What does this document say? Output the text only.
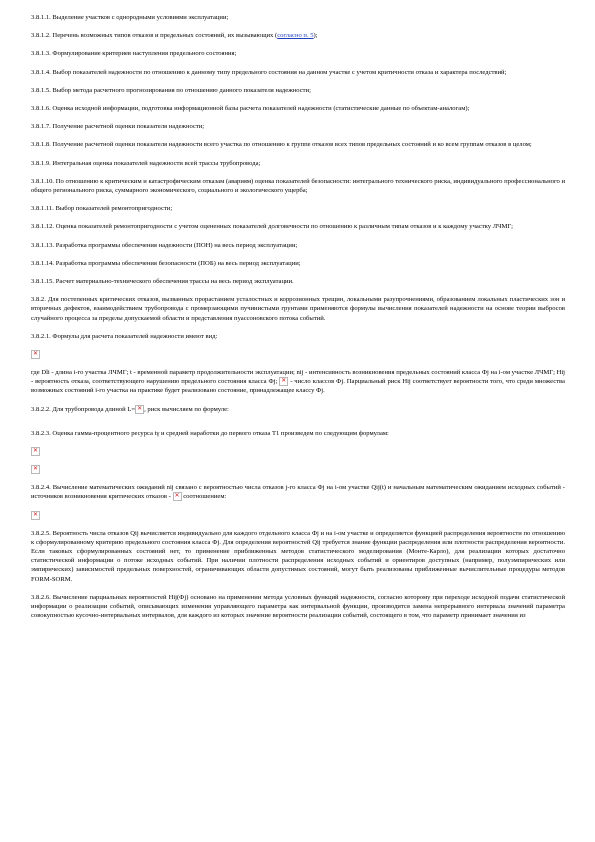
3.8.1.1. Выделение участков с однородными условиями эксплуатации;

3.8.1.2. Перечень возможных типов отказов и предельных состояний, их вызывающих (согласно п. 5);

3.8.1.3. Формулирование критериев наступления предельного состояния;

3.8.1.4. Выбор показателей надежности по отношению к данному типу предельного состояния на данном участке с учетом критичности отказа и характера последствий;

3.8.1.5. Выбор метода расчетного прогнозирования по отношению данного показателя надежности;

3.8.1.6. Оценка исходной информации, подготовка информационной базы расчета показателей надежности (статистические данные по объектам-аналогам);

3.8.1.7. Получение расчетной оценки показателя надежности;

3.8.1.8. Получение расчетной оценки показателя надежности всего участка по отношению к группе отказов всех типов предельных состояний и ко всем группам отказов в целом;

3.8.1.9. Интегральная оценка показателей надежности всей трассы трубопровода;

3.8.1.10. По отношению к критическим и катастрофическим отказам (авариям) оценка показателей безопасности: интегрального технического риска, индивидуального профессионального и общего регионального риска, суммарного экономического, социального и экологического ущерба;

3.8.1.11. Выбор показателей ремонтопригодности;

3.8.1.12. Оценка показателей ремонтопригодности с учетом оцененных показателей долговечности по отношению к различным типам отказов и к каждому участку ЛЧМГ;

3.8.1.13. Разработка программы обеспечения надежности (ПОН) на весь период эксплуатации;

3.8.1.14. Разработка программы обеспечения безопасности (ПОБ) на весь период эксплуатации;

3.8.1.15. Расчет материально-технического обеспечения трассы на весь период эксплуатации.

3.8.2. Для постепенных критических отказов, вызванных прорастанием усталостных и коррозионных трещин, локальными разупрочнениями, образованием локальных пластических зон и вторичных дефектов, взаимодействием трубопровода с промерзающими пучинистыми грунтами применяются формулы вычисления показателей надежности на основе теории выбросов случайного процесса за пределы допускаемой области и представления пуассоновского потока событий.

3.8.2.1. Формулы для расчета показателей надежности имеют вид:

✕

где Dli - длина i-го участка ЛЧМГ; t - временной параметр продолжительности эксплуатации; nij - интенсивность возникновения предельных состояний класса Фj на i-ом участке ЛЧМГ; Hij - вероятность отказа, соответствующего нарушению предельного состояния класса Фj; ✕ - число классов Фj. Парциальный риск Hij соответствует вероятности того, что среди множества возможных состояний i-го участка на практике будет реализовано состояние, принадлежащее классу Фj.

3.8.2.2. Для трубопровода длиной L= ✕ , риск вычисляем по формуле:

3.8.2.3. Оценка гамма-процентного ресурса tγ и средней наработки до первого отказа T1 произведем по следующим формулам:

✕
✕

3.8.2.4. Вычисление математических ожиданий nij связано с вероятностью числа отказов j-го класса Фj на i-ом участке Qij(t) и начальным математическим ожиданием исходных событий - источников возникновения критических отказов - ✕ соотношением:

✕

3.8.2.5. Вероятность числа отказов Qij вычисляется индивидуально для каждого отдельного класса Фj и на i-ом участке и определяется функцией распределения вероятности по отношению к сформулированному критерию предельного состояния класса Фj. Для определения вероятностей Qij требуется знание функции распределения или плотности распределения вероятности. Если таковых сформулированных состояний нет, то применение приближенных методов статистического моделирования (Монте-Карло), для реализации которых достаточно статистической информации о потоке исходных событий. При наличии плотности распределения исходных событий и ориентиров доступных (например, полуэмпирических или эмпирических) зависимостей предельных поверхностей, ограничивающих области допустимых состояний, могут быть реализованы приближенные вычислительные процедуры методов FORM-SORM.

3.8.2.6. Вычисление парциальных вероятностей Hij(Фj) основано на применении метода условных функций надежности, согласно которому при переходе исходной подачи статистической информации о реализации событий, описывающих изменения управляющего параметра как интервальной функции, производится замена непрерывного интервала значений параметра совокупностью кусочно-интервальных интервалов, для каждого из которых значение вероятности реализации событий, состоящего в том, что параметр принимает значения из
